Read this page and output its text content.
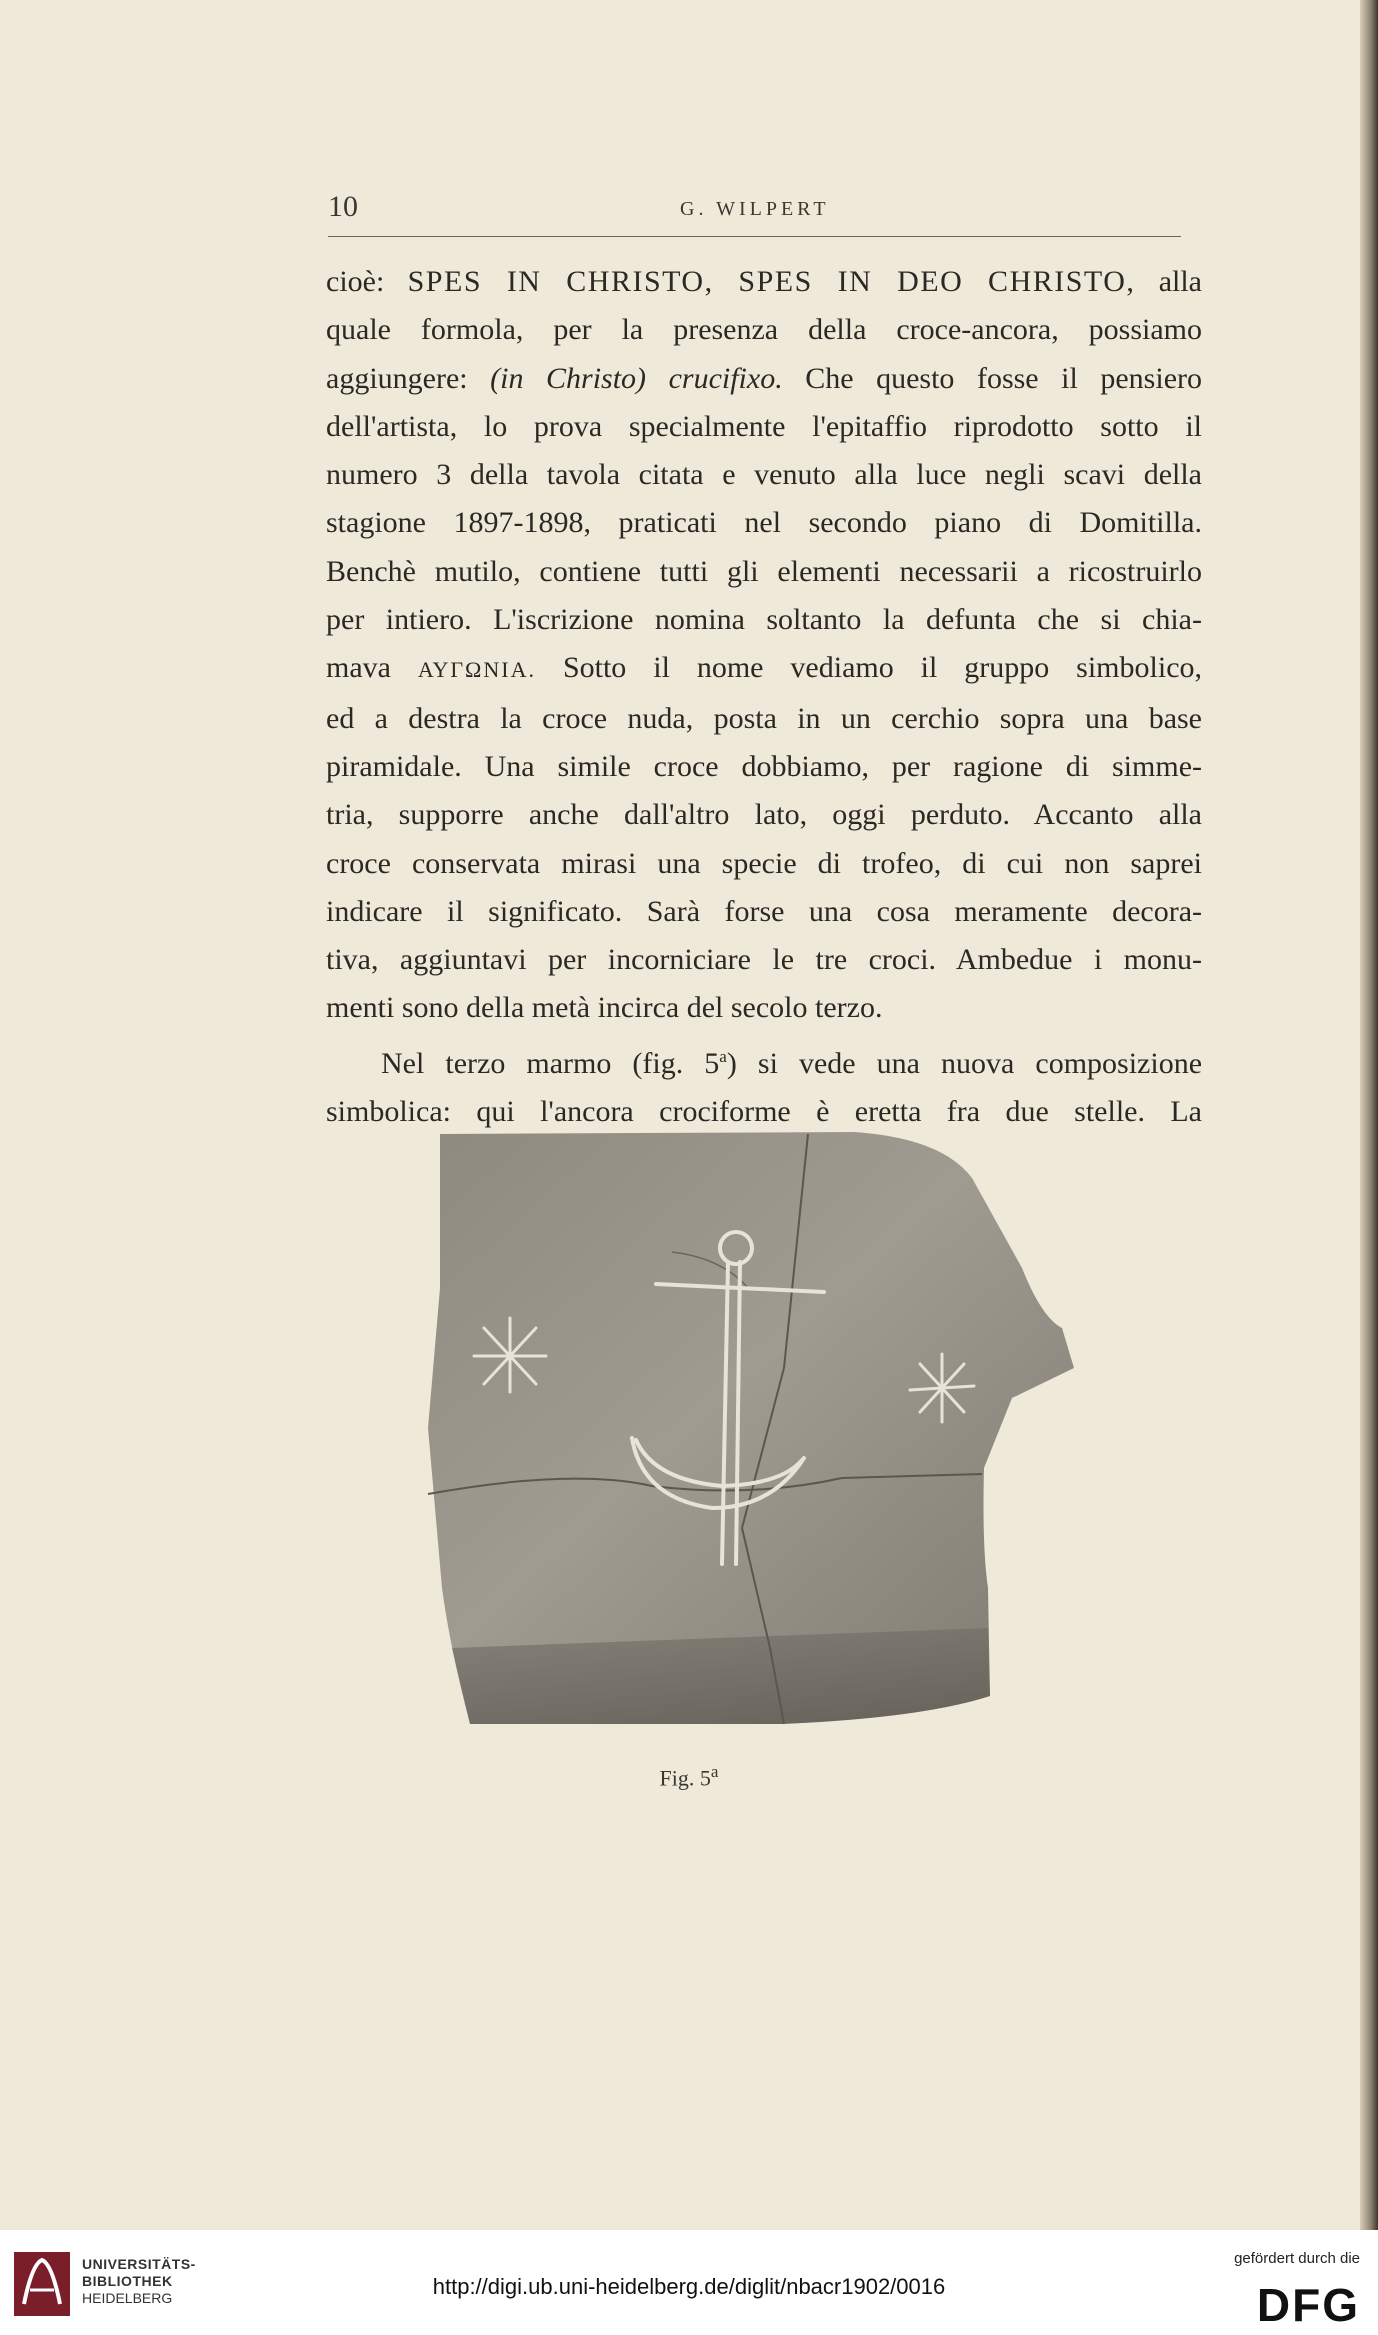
10	G. WILPERT
cioè: SPES IN CHRISTO, SPES IN DEO CHRISTO, alla
quale formola, per la presenza della croce-ancora, possiamo
aggiungere: (in Christo) crucifixo. Che questo fosse il pensiero
dell'artista, lo prova specialmente l'epitaffio riprodotto sotto il
numero 3 della tavola citata e venuto alla luce negli scavi della
stagione 1897-1898, praticati nel secondo piano di Domitilla.
Benchè mutilo, contiene tutti gli elementi necessarii a ricostruirlo
per intiero. L'iscrizione nomina soltanto la defunta che si chia-
mava ΑΥΓΩΝΙΑ. Sotto il nome vediamo il gruppo simbolico,
ed a destra la croce nuda, posta in un cerchio sopra una base
piramidale. Una simile croce dobbiamo, per ragione di simme-
tria, supporre anche dall'altro lato, oggi perduto. Accanto alla
croce conservata mirasi una specie di trofeo, di cui non saprei
indicare il significato. Sarà forse una cosa meramente decora-
tiva, aggiuntavi per incorniciare le tre croci. Ambedue i monu-
menti sono della metà incirca del secolo terzo.
Nel terzo marmo (fig. 5$^a$) si vede una nuova composizione
simbolica: qui l'ancora crociforme è eretta fra due stelle. La
Fig. 5$^a$
UNIVERSITÄTS-
BIBLIOTHEK
HEIDELBERG	http://digi.ub.uni-heidelberg.de/diglit/nbacr1902/0016
gefördert durch die
DFG
